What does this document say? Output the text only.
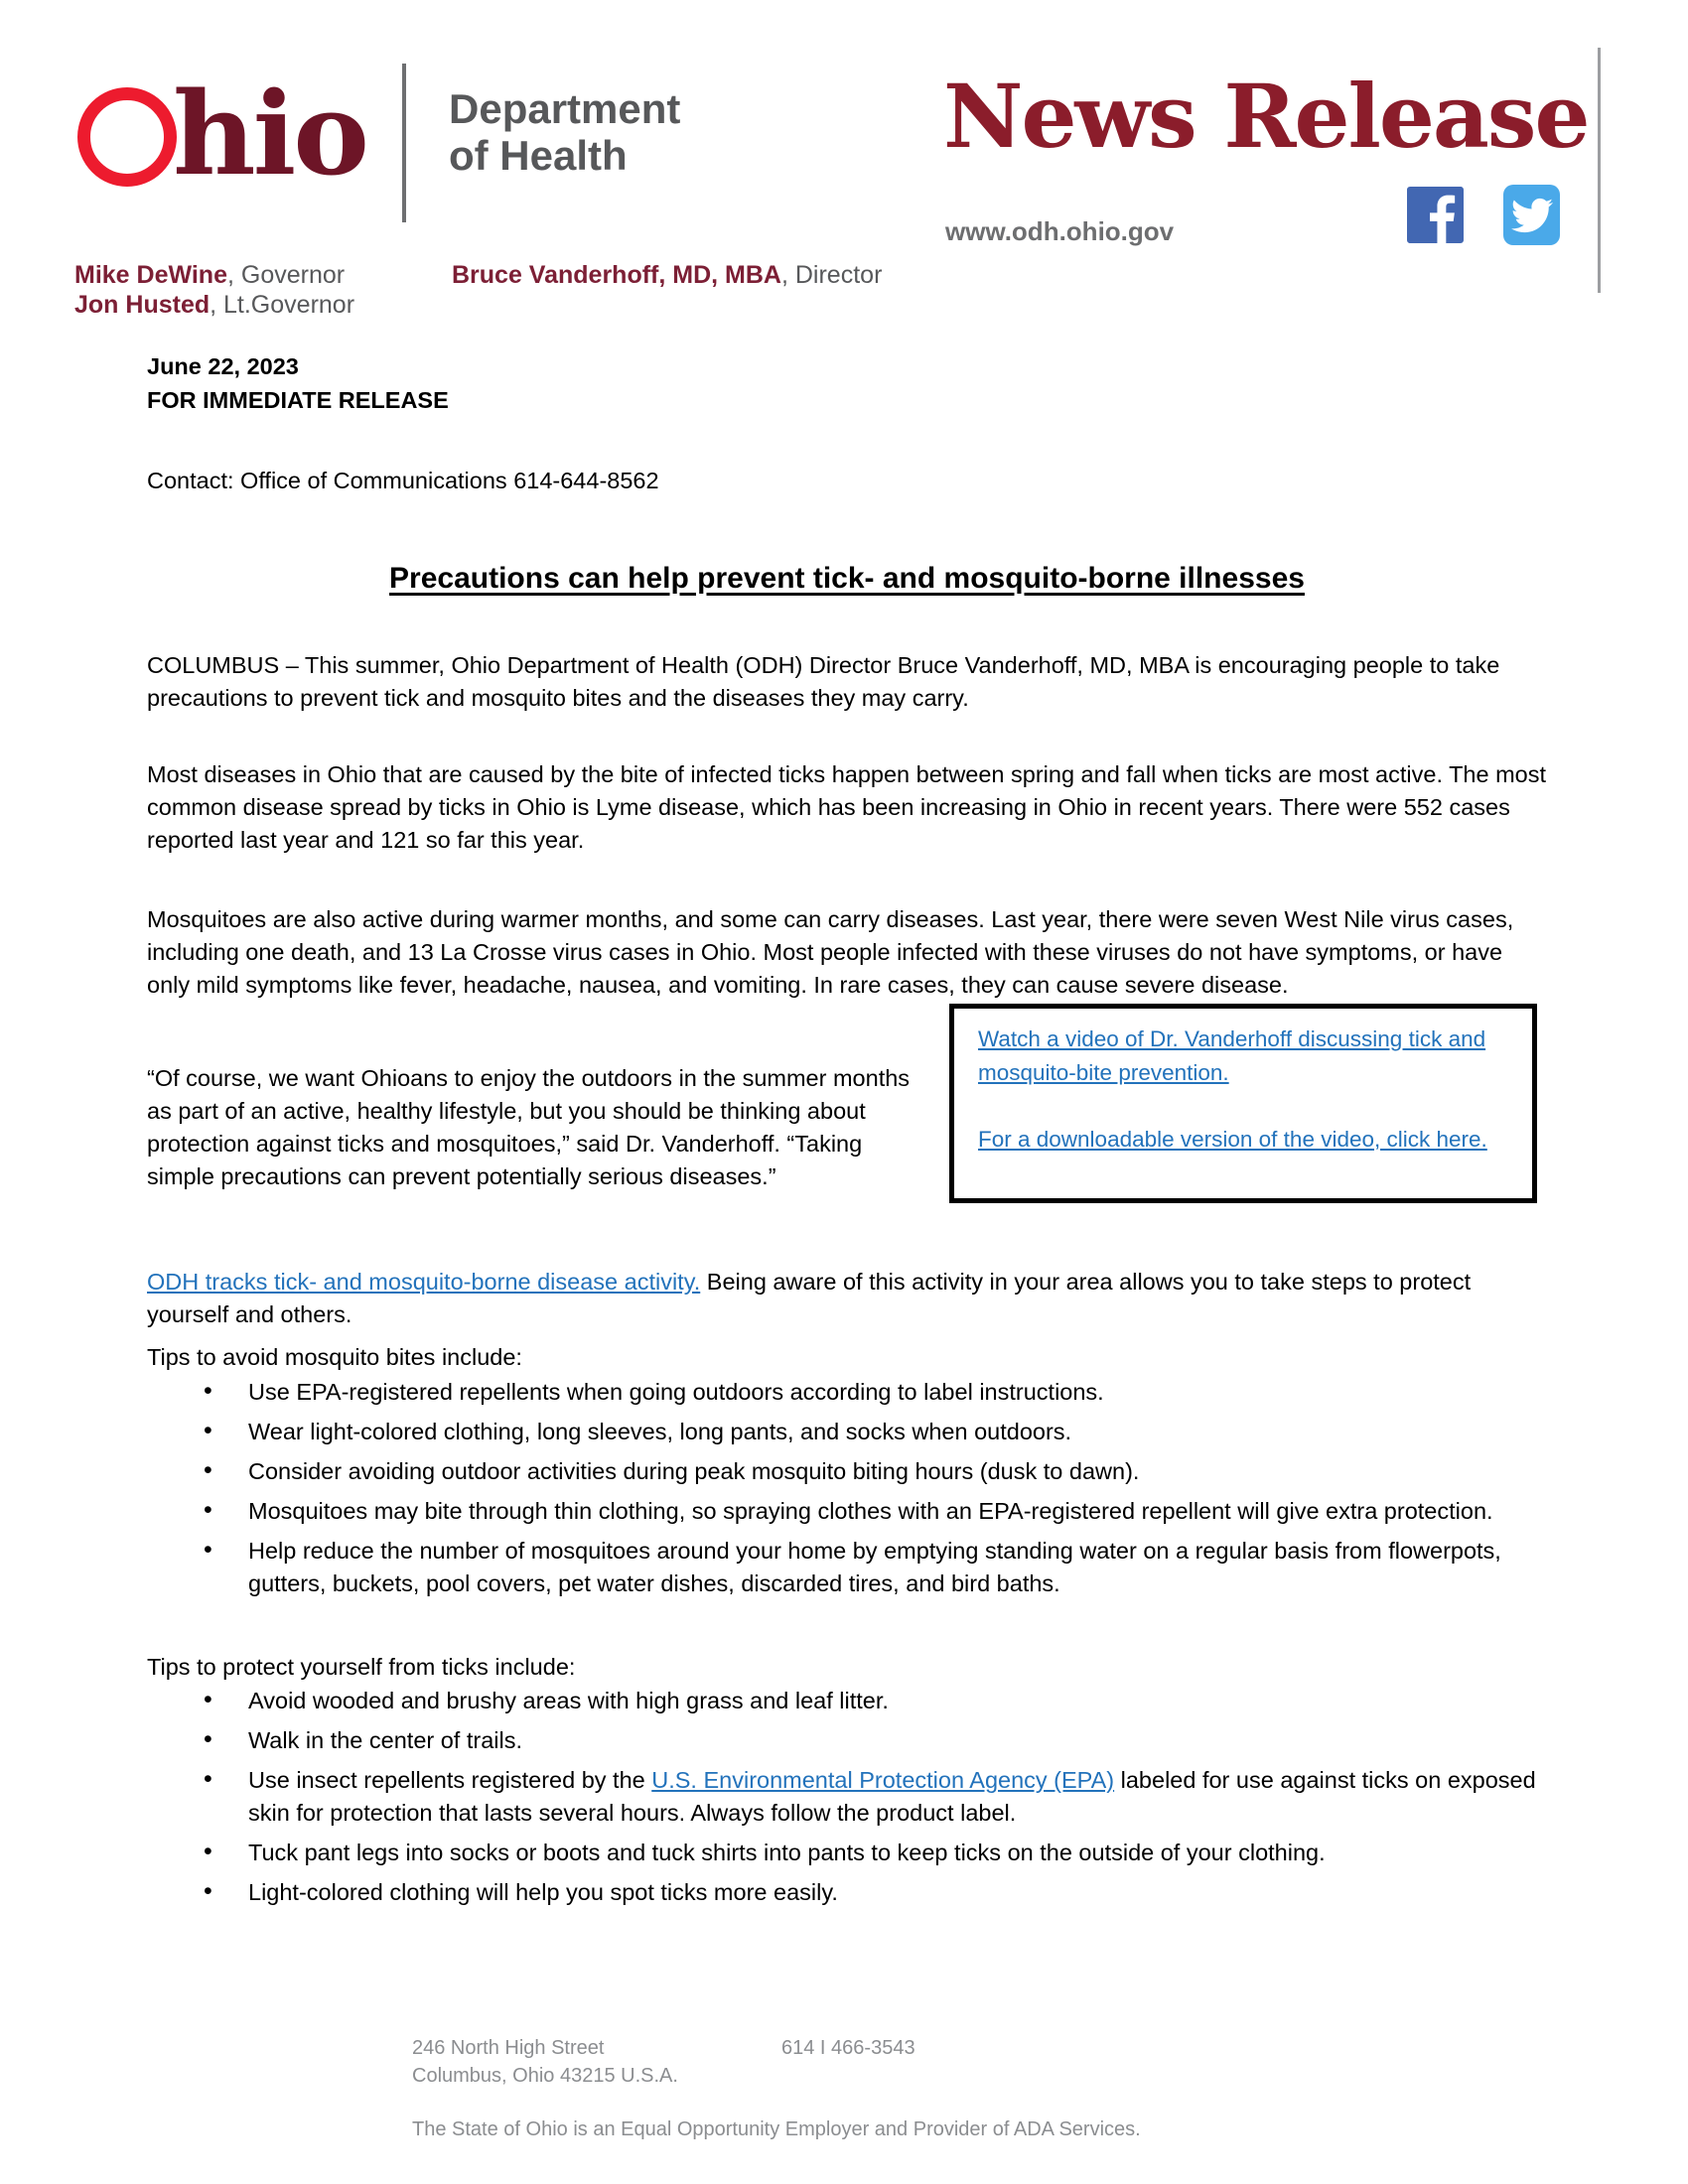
hio Department
of Health	News Release
www.odh.ohio.gov
Mike DeWine, Governor
Jon Husted, Lt.Governor
Bruce Vanderhoff, MD, MBA, Director
June 22, 2023
FOR IMMEDIATE RELEASE
Contact: Office of Communications 614-644-8562
Precautions can help prevent tick- and mosquito-borne illnesses

COLUMBUS – This summer, Ohio Department of Health (ODH) Director Bruce Vanderhoff, MD, MBA is encouraging people to take precautions to prevent tick and mosquito bites and the diseases they may carry.

Most diseases in Ohio that are caused by the bite of infected ticks happen between spring and fall when ticks are most active. The most common disease spread by ticks in Ohio is Lyme disease, which has been increasing in Ohio in recent years. There were 552 cases reported last year and 121 so far this year.

Mosquitoes are also active during warmer months, and some can carry diseases. Last year, there were seven West Nile virus cases, including one death, and 13 La Crosse virus cases in Ohio. Most people infected with these viruses do not have symptoms, or have only mild symptoms like fever, headache, nausea, and vomiting. In rare cases, they can cause severe disease.

“Of course, we want Ohioans to enjoy the outdoors in the summer months as part of an active, healthy lifestyle, but you should be thinking about protection against ticks and mosquitoes,” said Dr. Vanderhoff. “Taking simple precautions can prevent potentially serious diseases.”

Watch a video of Dr. Vanderhoff discussing tick and mosquito-bite prevention.
For a downloadable version of the video, click here.

ODH tracks tick- and mosquito-borne disease activity. Being aware of this activity in your area allows you to take steps to protect yourself and others.

Tips to avoid mosquito bites include:
• Use EPA-registered repellents when going outdoors according to label instructions.
• Wear light-colored clothing, long sleeves, long pants, and socks when outdoors.
• Consider avoiding outdoor activities during peak mosquito biting hours (dusk to dawn).
• Mosquitoes may bite through thin clothing, so spraying clothes with an EPA-registered repellent will give extra protection.
• Help reduce the number of mosquitoes around your home by emptying standing water on a regular basis from flowerpots, gutters, buckets, pool covers, pet water dishes, discarded tires, and bird baths.
Tips to protect yourself from ticks include:
• Avoid wooded and brushy areas with high grass and leaf litter.
• Walk in the center of trails.
• Use insect repellents registered by the U.S. Environmental Protection Agency (EPA) labeled for use against ticks on exposed skin for protection that lasts several hours. Always follow the product label.
• Tuck pant legs into socks or boots and tuck shirts into pants to keep ticks on the outside of your clothing.
• Light-colored clothing will help you spot ticks more easily.
246 North High Street
Columbus, Ohio 43215 U.S.A.
614 I 466-3543
The State of Ohio is an Equal Opportunity Employer and Provider of ADA Services.
